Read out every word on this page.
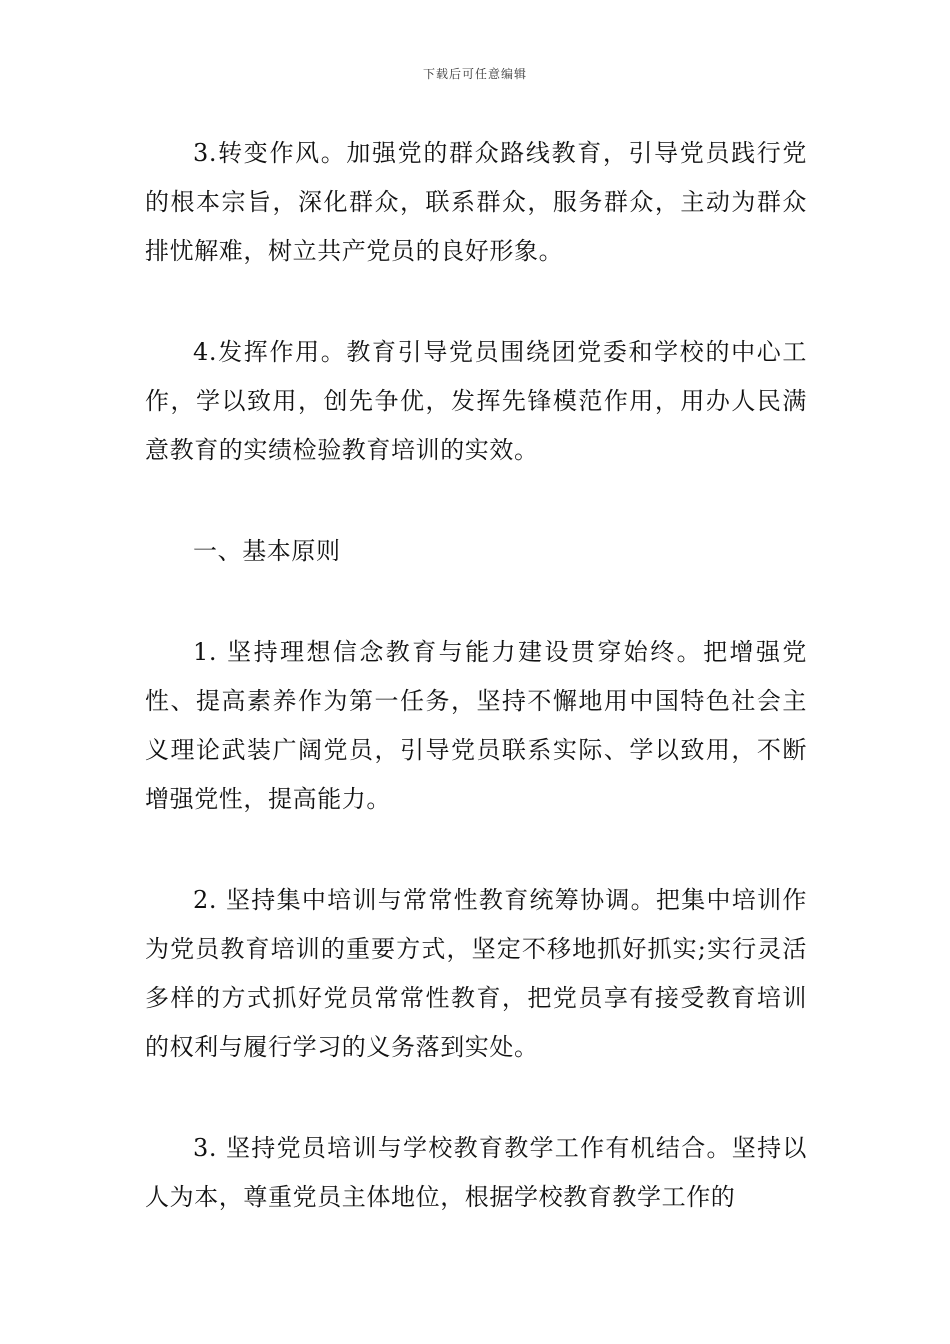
下载后可任意编辑

3.转变作风。加强党的群众路线教育，引导党员践行党的根本宗旨，深化群众，联系群众，服务群众，主动为群众排忧解难，树立共产党员的良好形象。

4.发挥作用。教育引导党员围绕团党委和学校的中心工作，学以致用，创先争优，发挥先锋模范作用，用办人民满意教育的实绩检验教育培训的实效。

一、基本原则

1. 坚持理想信念教育与能力建设贯穿始终。把增强党性、提高素养作为第一任务，坚持不懈地用中国特色社会主义理论武装广阔党员，引导党员联系实际、学以致用，不断增强党性，提高能力。

2. 坚持集中培训与常常性教育统筹协调。把集中培训作为党员教育培训的重要方式，坚定不移地抓好抓实;实行灵活多样的方式抓好党员常常性教育，把党员享有接受教育培训的权利与履行学习的义务落到实处。

3. 坚持党员培训与学校教育教学工作有机结合。坚持以人为本，尊重党员主体地位，根据学校教育教学工作的
